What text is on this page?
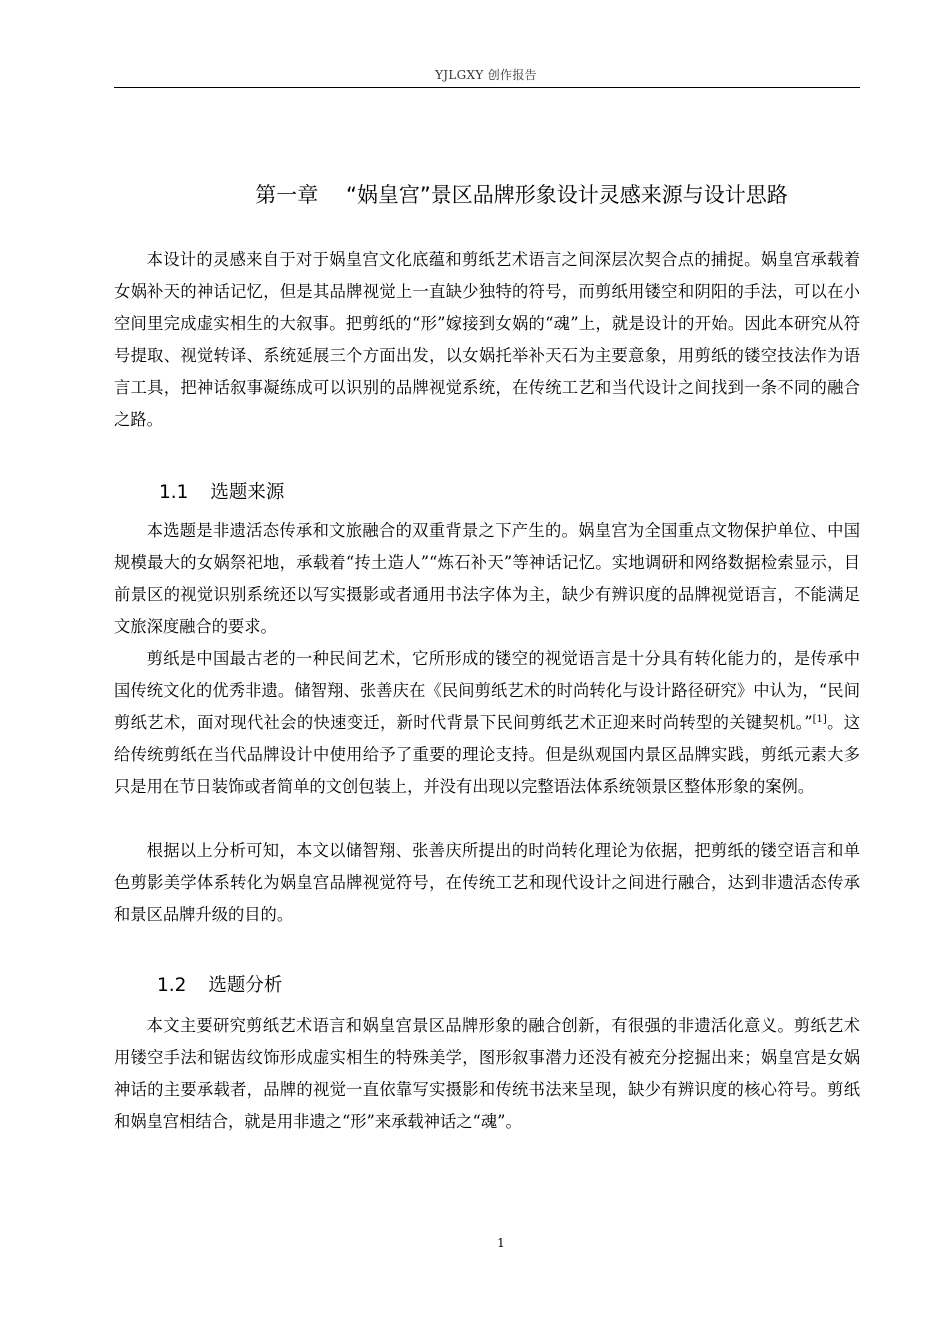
YJLGXY 创作报告
第一章　 “娲皇宫”景区品牌形象设计灵感来源与设计思路

本设计的灵感来自于对于娲皇宫文化底蕴和剪纸艺术语言之间深层次契合点的捕捉。娲皇宫承载着女娲补天的神话记忆，但是其品牌视觉上一直缺少独特的符号，而剪纸用镂空和阴阳的手法，可以在小空间里完成虚实相生的大叙事。把剪纸的“形”嫁接到女娲的“魂”上，就是设计的开始。因此本研究从符号提取、视觉转译、系统延展三个方面出发，以女娲托举补天石为主要意象，用剪纸的镂空技法作为语言工具，把神话叙事凝练成可以识别的品牌视觉系统，在传统工艺和当代设计之间找到一条不同的融合之路。

1.1 选题来源

本选题是非遗活态传承和文旅融合的双重背景之下产生的。娲皇宫为全国重点文物保护单位、中国规模最大的女娲祭祀地，承载着“抟土造人”“炼石补天”等神话记忆。实地调研和网络数据检索显示，目前景区的视觉识别系统还以写实摄影或者通用书法字体为主，缺少有辨识度的品牌视觉语言，不能满足文旅深度融合的要求。

剪纸是中国最古老的一种民间艺术，它所形成的镂空的视觉语言是十分具有转化能力的，是传承中国传统文化的优秀非遗。储智翔、张善庆在《民间剪纸艺术的时尚转化与设计路径研究》中认为，“民间剪纸艺术，面对现代社会的快速变迁，新时代背景下民间剪纸艺术正迎来时尚转型的关键契机。”[1]。这给传统剪纸在当代品牌设计中使用给予了重要的理论支持。但是纵观国内景区品牌实践，剪纸元素大多只是用在节日装饰或者简单的文创包装上，并没有出现以完整语法体系统领景区整体形象的案例。

根据以上分析可知，本文以储智翔、张善庆所提出的时尚转化理论为依据，把剪纸的镂空语言和单色剪影美学体系转化为娲皇宫品牌视觉符号，在传统工艺和现代设计之间进行融合，达到非遗活态传承和景区品牌升级的目的。

1.2 选题分析

本文主要研究剪纸艺术语言和娲皇宫景区品牌形象的融合创新，有很强的非遗活化意义。剪纸艺术用镂空手法和锯齿纹饰形成虚实相生的特殊美学，图形叙事潜力还没有被充分挖掘出来；娲皇宫是女娲神话的主要承载者，品牌的视觉一直依靠写实摄影和传统书法来呈现，缺少有辨识度的核心符号。剪纸和娲皇宫相结合，就是用非遗之“形”来承载神话之“魂”。

1
